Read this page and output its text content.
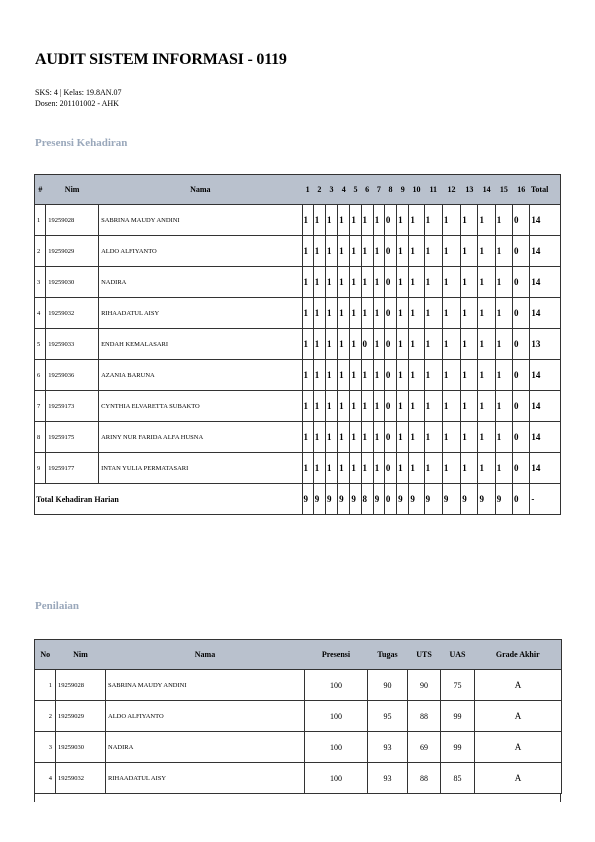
AUDIT SISTEM INFORMASI - 0119
SKS: 4 | Kelas: 19.8AN.07
Dosen: 201101002 - AHK
Presensi Kehadiran
#	Nim	Nama	1	2	3	4	5	6	7	8	9	10	11	12	13	14	15	16	Total
1	19259028	SABRINA MAUDY ANDINI	1	1	1	1	1	1	1	0	1	1	1	1	1	1	1	0	14
2	19259029	ALDO ALFIYANTO	1	1	1	1	1	1	1	0	1	1	1	1	1	1	1	0	14
3	19259030	NADIRA	1	1	1	1	1	1	1	0	1	1	1	1	1	1	1	0	14
4	19259032	RIHAADATUL AISY	1	1	1	1	1	1	1	0	1	1	1	1	1	1	1	0	14
5	19259033	ENDAH KEMALASARI	1	1	1	1	1	0	1	0	1	1	1	1	1	1	1	0	13
6	19259036	AZANIA BARUNA	1	1	1	1	1	1	1	0	1	1	1	1	1	1	1	0	14
7	19259173	CYNTHIA ELVARETTA SUBAKTO	1	1	1	1	1	1	1	0	1	1	1	1	1	1	1	0	14
8	19259175	ARINY NUR FARIDA ALFA HUSNA	1	1	1	1	1	1	1	0	1	1	1	1	1	1	1	0	14
9	19259177	INTAN YULIA PERMATASARI	1	1	1	1	1	1	1	0	1	1	1	1	1	1	1	0	14
Total Kehadiran Harian			9	9	9	9	9	8	9	0	9	9	9	9	9	9	9	0	-
Penilaian
No	Nim	Nama	Presensi	Tugas	UTS	UAS	Grade Akhir
1	19259028	SABRINA MAUDY ANDINI	100	90	90	75	A
2	19259029	ALDO ALFIYANTO	100	95	88	99	A
3	19259030	NADIRA	100	93	69	99	A
4	19259032	RIHAADATUL AISY	100	93	88	85	A
